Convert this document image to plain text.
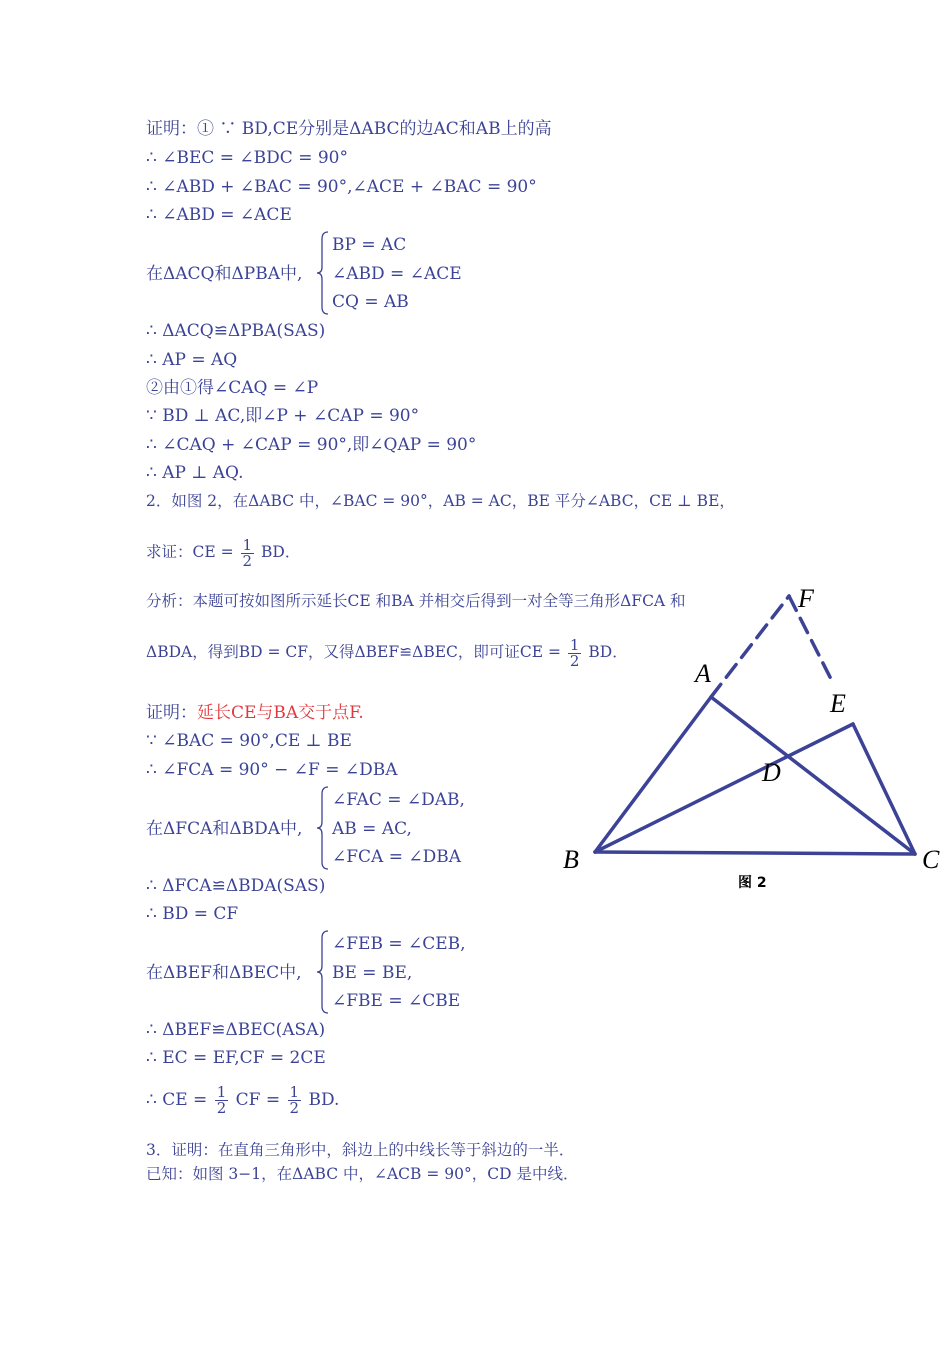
证明：① ∵ BD,CE分别是ΔABC的边AC和AB上的高
∴ ∠BEC = ∠BDC = 90°
∴ ∠ABD + ∠BAC = 90°,∠ACE + ∠BAC = 90°
∴ ∠ABD = ∠ACE
在ΔACQ和ΔPBA中,
BP = AC
∠ABD = ∠ACE
CQ = AB
∴ ΔACQ≌ΔPBA(SAS)
∴ AP = AQ
②由①得∠CAQ = ∠P
∵ BD ⊥ AC,即∠P + ∠CAP = 90°
∴ ∠CAQ + ∠CAP = 90°,即∠QAP = 90°
∴ AP ⊥ AQ.
2．如图 2，在ΔABC 中，∠BAC = 90°，AB = AC，BE 平分∠ABC，CE ⊥ BE，
求证：CE = $\frac{1}{2}$ BD．
分析：本题可按如图所示延长CE 和BA 并相交后得到一对全等三角形ΔFCA 和
ΔBDA，得到BD = CF，又得ΔBEF≌ΔBEC，即可证CE = $\frac{1}{2}$ BD．
证明：延长CE与BA交于点F.
∵ ∠BAC = 90°,CE ⊥ BE
∴ ∠FCA = 90° − ∠F = ∠DBA
在ΔFCA和ΔBDA中,
∠FAC = ∠DAB,
AB = AC,
∠FCA = ∠DBA
∴ ΔFCA≌ΔBDA(SAS)
∴ BD = CF
在ΔBEF和ΔBEC中,
∠FEB = ∠CEB,
BE = BE,
∠FBE = ∠CBE
∴ ΔBEF≌ΔBEC(ASA)
∴ EC = EF,CF = 2CE
∴ CE = $\frac{1}{2}$ CF = $\frac{1}{2}$ BD.
3．证明：在直角三角形中，斜边上的中线长等于斜边的一半．
已知：如图 3−1，在ΔABC 中，∠ACB = 90°，CD 是中线．
A
B	C
D
E
F
图 2
